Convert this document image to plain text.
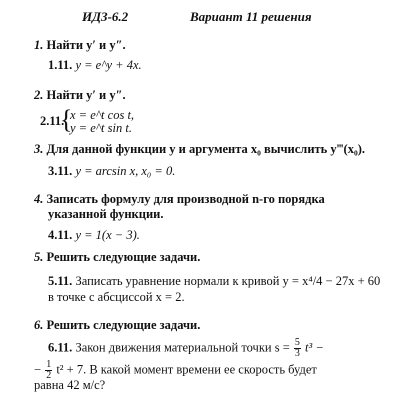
ИДЗ-6.2	Вариант 11 решения
1. Найти y′ и y″.
1.11. y = e^y + 4x.
2. Найти y′ и y″.
2.11.
{
x = e^t cos t,
y = e^t sin t.
3. Для данной функции y и аргумента x₀ вычислить y‴(x₀).
3.11. y = arcsin x, x₀ = 0.
4. Записать формулу для производной n-го порядка
указанной функции.
4.11. y = 1(x − 3).
5. Решить следующие задачи.
5.11. Записать уравнение нормали к кривой y = x⁴/4 − 27x + 60
в точке с абсциссой x = 2.
6. Решить следующие задачи.
6.11. Закон движения материальной точки $s = \frac{5}{3} t^3$ −
− $\frac{1}{2} t^2 + 7$. В какой момент времени ее скорость будет
равна 42 м/с?
